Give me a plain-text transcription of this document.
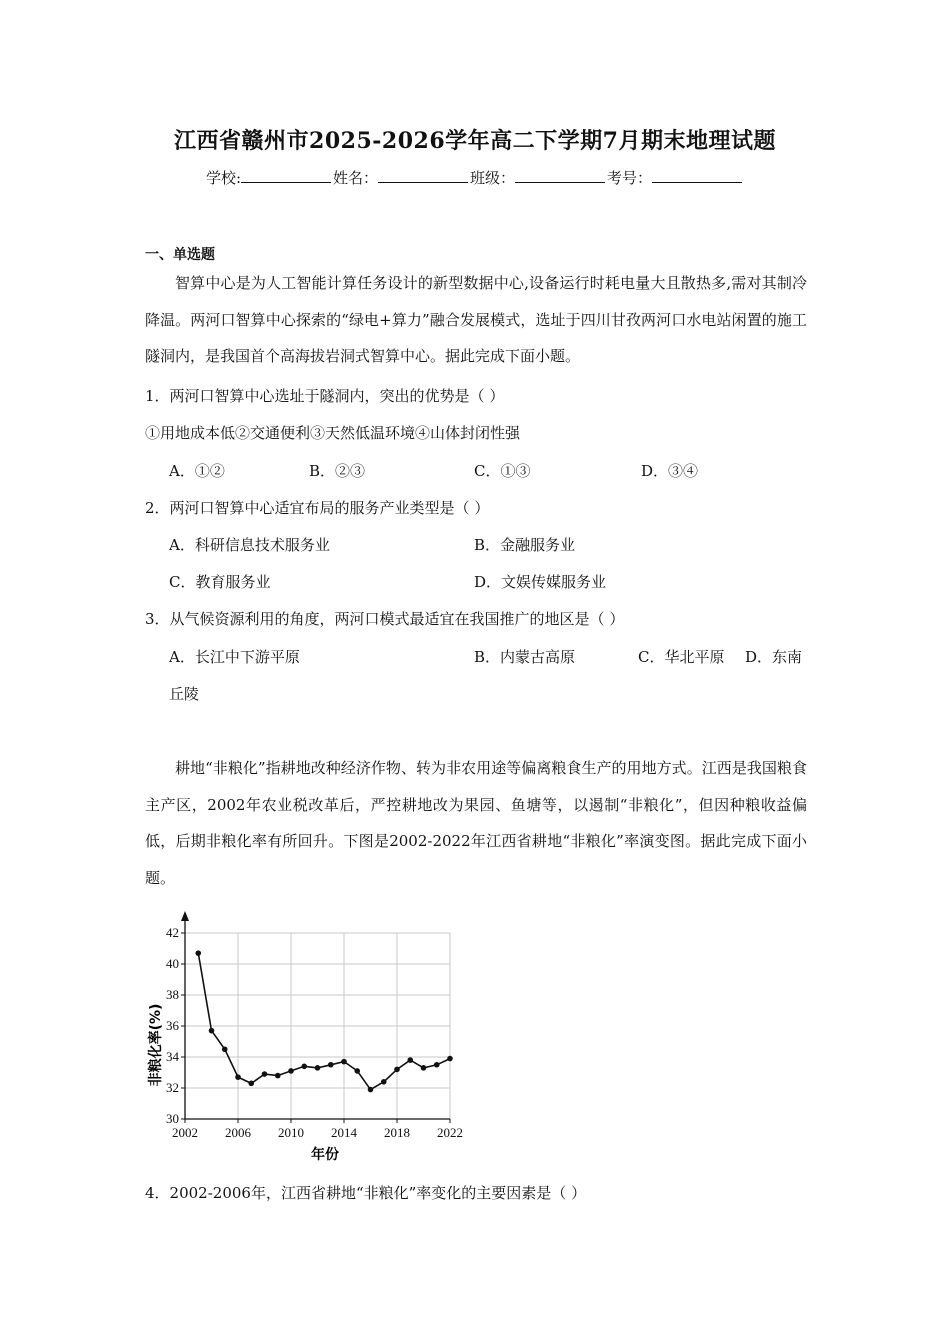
江西省赣州市2025-2026学年高二下学期7月期末地理试题
学校:	姓名：	班级：	考号：
一、单选题
智算中心是为人工智能计算任务设计的新型数据中心,设备运行时耗电量大且散热多,需对其制冷降温。两河口智算中心探索的“绿电+算力”融合发展模式，选址于四川甘孜两河口水电站闲置的施工隧洞内，是我国首个高海拔岩洞式智算中心。据此完成下面小题。
1．两河口智算中心选址于隧洞内，突出的优势是（ ）
①用地成本低②交通便利③天然低温环境④山体封闭性强
A．①②	B．②③	C．①③	D．③④
2．两河口智算中心适宜布局的服务产业类型是（ ）
A．科研信息技术服务业	B．金融服务业
C．教育服务业	D．文娱传媒服务业
3．从气候资源利用的角度，两河口模式最适宜在我国推广的地区是（ ）
A．长江中下游平原	B．内蒙古高原	C．华北平原 D．东南
丘陵
耕地“非粮化”指耕地改种经济作物、转为非农用途等偏离粮食生产的用地方式。江西是我国粮食主产区，2002年农业税改革后，严控耕地改为果园、鱼塘等，以遏制“非粮化”，但因种粮收益偏低，后期非粮化率有所回升。下图是2002-2022年江西省耕地“非粮化”率演变图。据此完成下面小题。
30
32
34
36
38
40
42
2002 2006 2010 2014 2018 2022
年份
非粮化率(%)
4．2002-2006年，江西省耕地“非粮化”率变化的主要因素是（ ）
